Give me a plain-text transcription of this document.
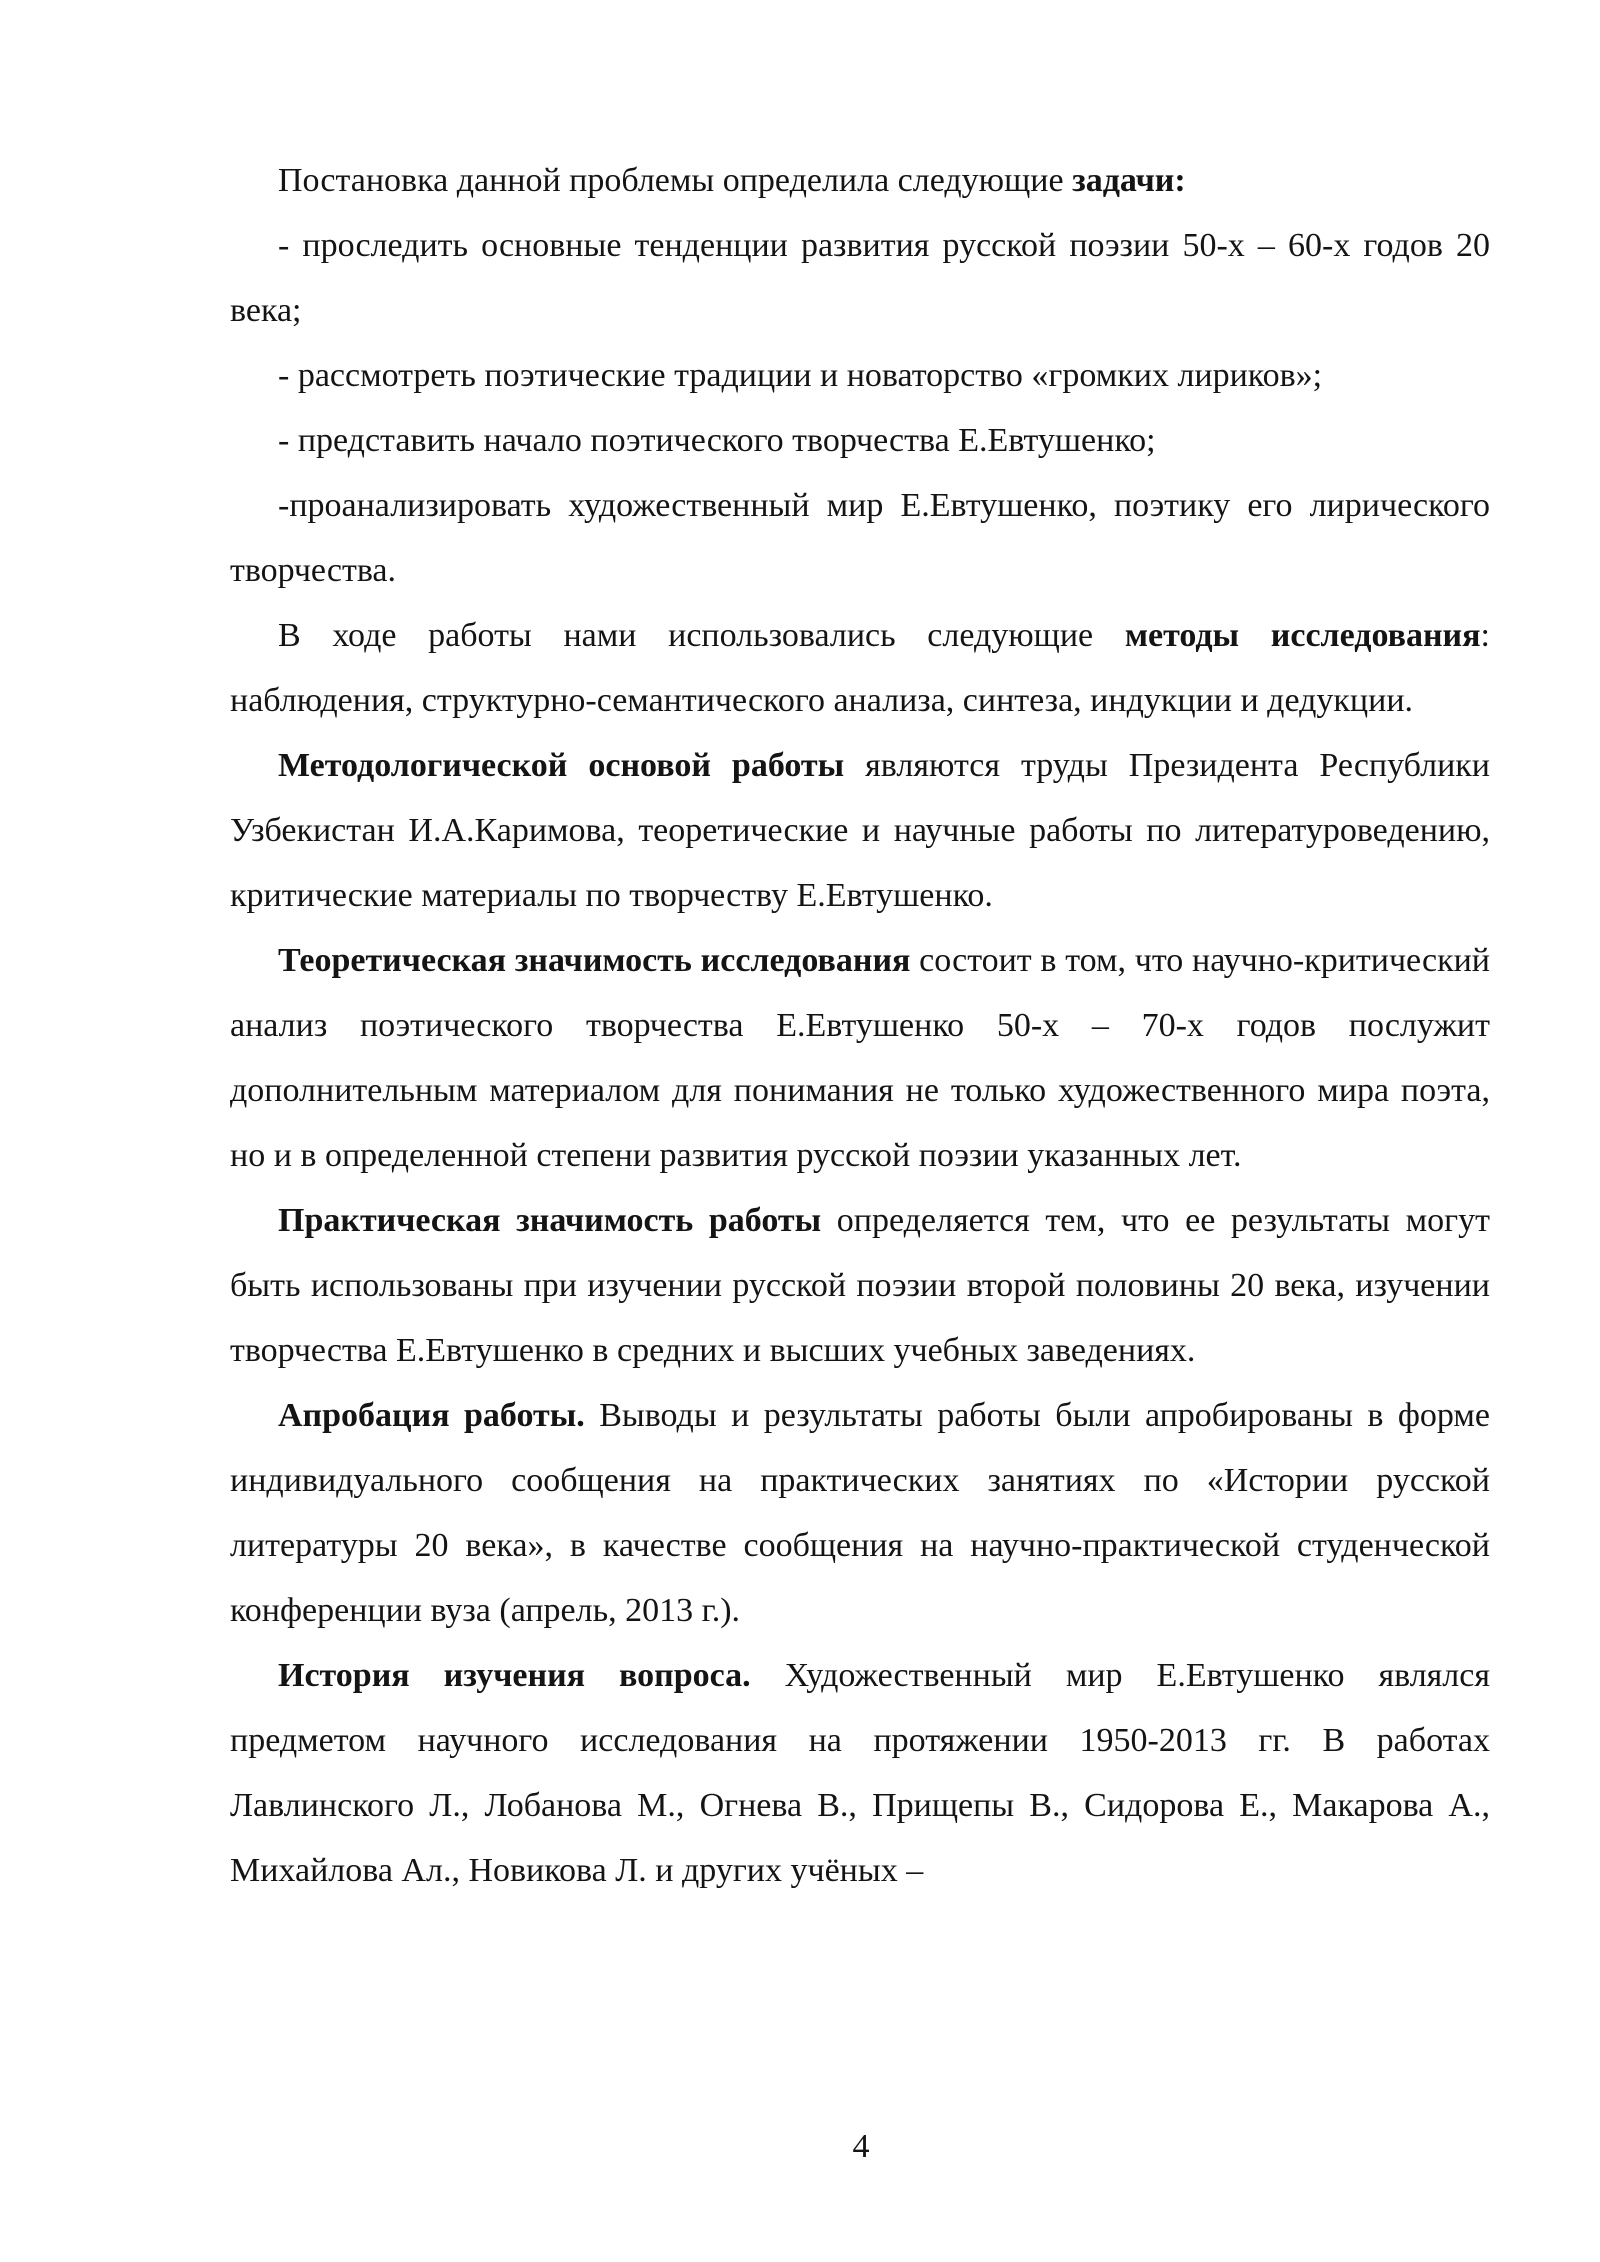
Постановка данной проблемы определила следующие задачи:

- проследить основные тенденции развития русской поэзии 50-х – 60-х годов 20 века;

- рассмотреть поэтические традиции и новаторство «громких лириков»;

- представить начало поэтического творчества Е.Евтушенко;

-проанализировать художественный мир Е.Евтушенко, поэтику его лирического творчества.

В ходе работы нами использовались следующие методы исследования: наблюдения, структурно-семантического анализа, синтеза, индукции и дедукции.

Методологической основой работы являются труды Президента Республики Узбекистан И.А.Каримова, теоретические и научные работы по литературоведению, критические материалы по творчеству Е.Евтушенко.

Теоретическая значимость исследования состоит в том, что научно-критический анализ поэтического творчества Е.Евтушенко 50-х – 70-х годов послужит дополнительным материалом для понимания не только художественного мира поэта, но и в определенной степени развития русской поэзии указанных лет.

Практическая значимость работы определяется тем, что ее результаты могут быть использованы при изучении русской поэзии второй половины 20 века, изучении творчества Е.Евтушенко в средних и высших учебных заведениях.

Апробация работы. Выводы и результаты работы были апробированы в форме индивидуального сообщения на практических занятиях по «Истории русской литературы 20 века», в качестве сообщения на научно-практической студенческой конференции вуза (апрель, 2013 г.).

История изучения вопроса. Художественный мир Е.Евтушенко являлся предметом научного исследования на протяжении 1950-2013 гг. В работах Лавлинского Л., Лобанова М., Огнева В., Прищепы В., Сидорова Е., Макарова А., Михайлова Ал., Новикова Л. и других учёных –

4
